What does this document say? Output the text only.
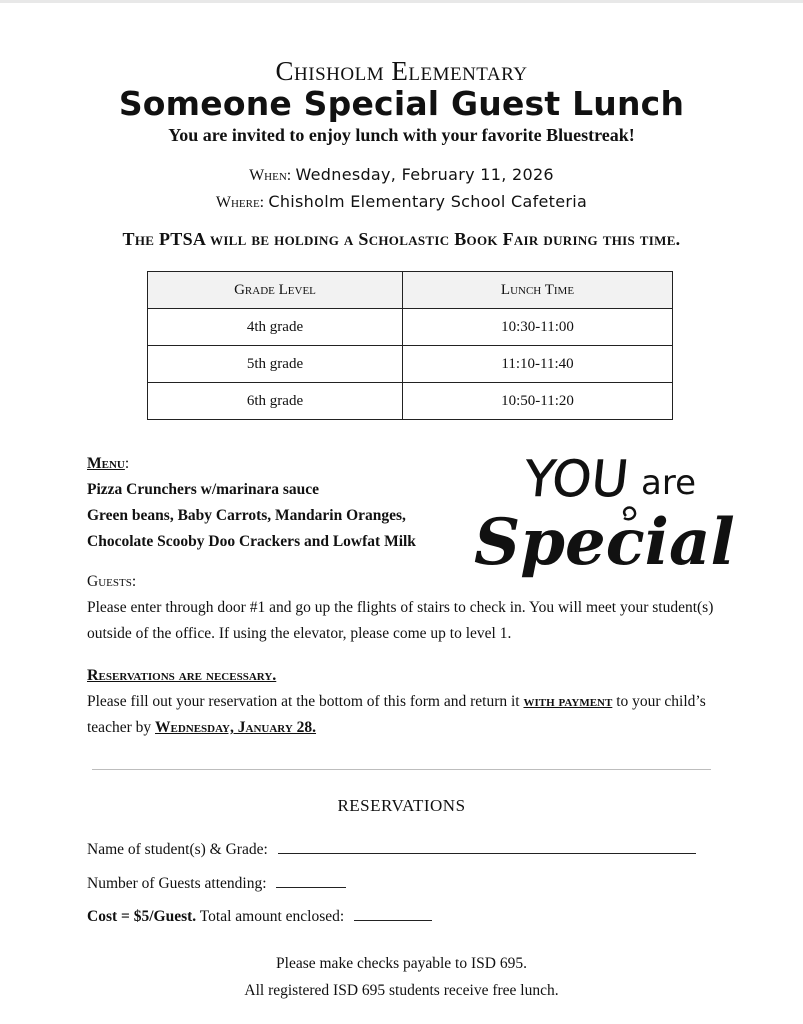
Chisholm Elementary
Someone Special Guest Lunch
You are invited to enjoy lunch with your favorite Bluestreak!
When: Wednesday, February 11, 2026
Where: Chisholm Elementary School Cafeteria
The PTSA will be holding a Scholastic Book Fair during this time.
Grade Level	Lunch Time
4th grade	10:30-11:00
5th grade	11:10-11:40
6th grade	10:50-11:20
Menu:
Pizza Crunchers w/marinara sauce
Green beans, Baby Carrots, Mandarin Oranges,
Chocolate Scooby Doo Crackers and Lowfat Milk
YOU are
Special
Guests:
Please enter through door #1 and go up the flights of stairs to check in. You will meet your student(s) outside of the office. If using the elevator, please come up to level 1.
Reservations are necessary.
Please fill out your reservation at the bottom of this form and return it with payment to your child’s teacher by Wednesday, January 28.
RESERVATIONS
Name of student(s) & Grade:
Number of Guests attending:
Cost = $5/Guest. Total amount enclosed:
Please make checks payable to ISD 695.
All registered ISD 695 students receive free lunch.
